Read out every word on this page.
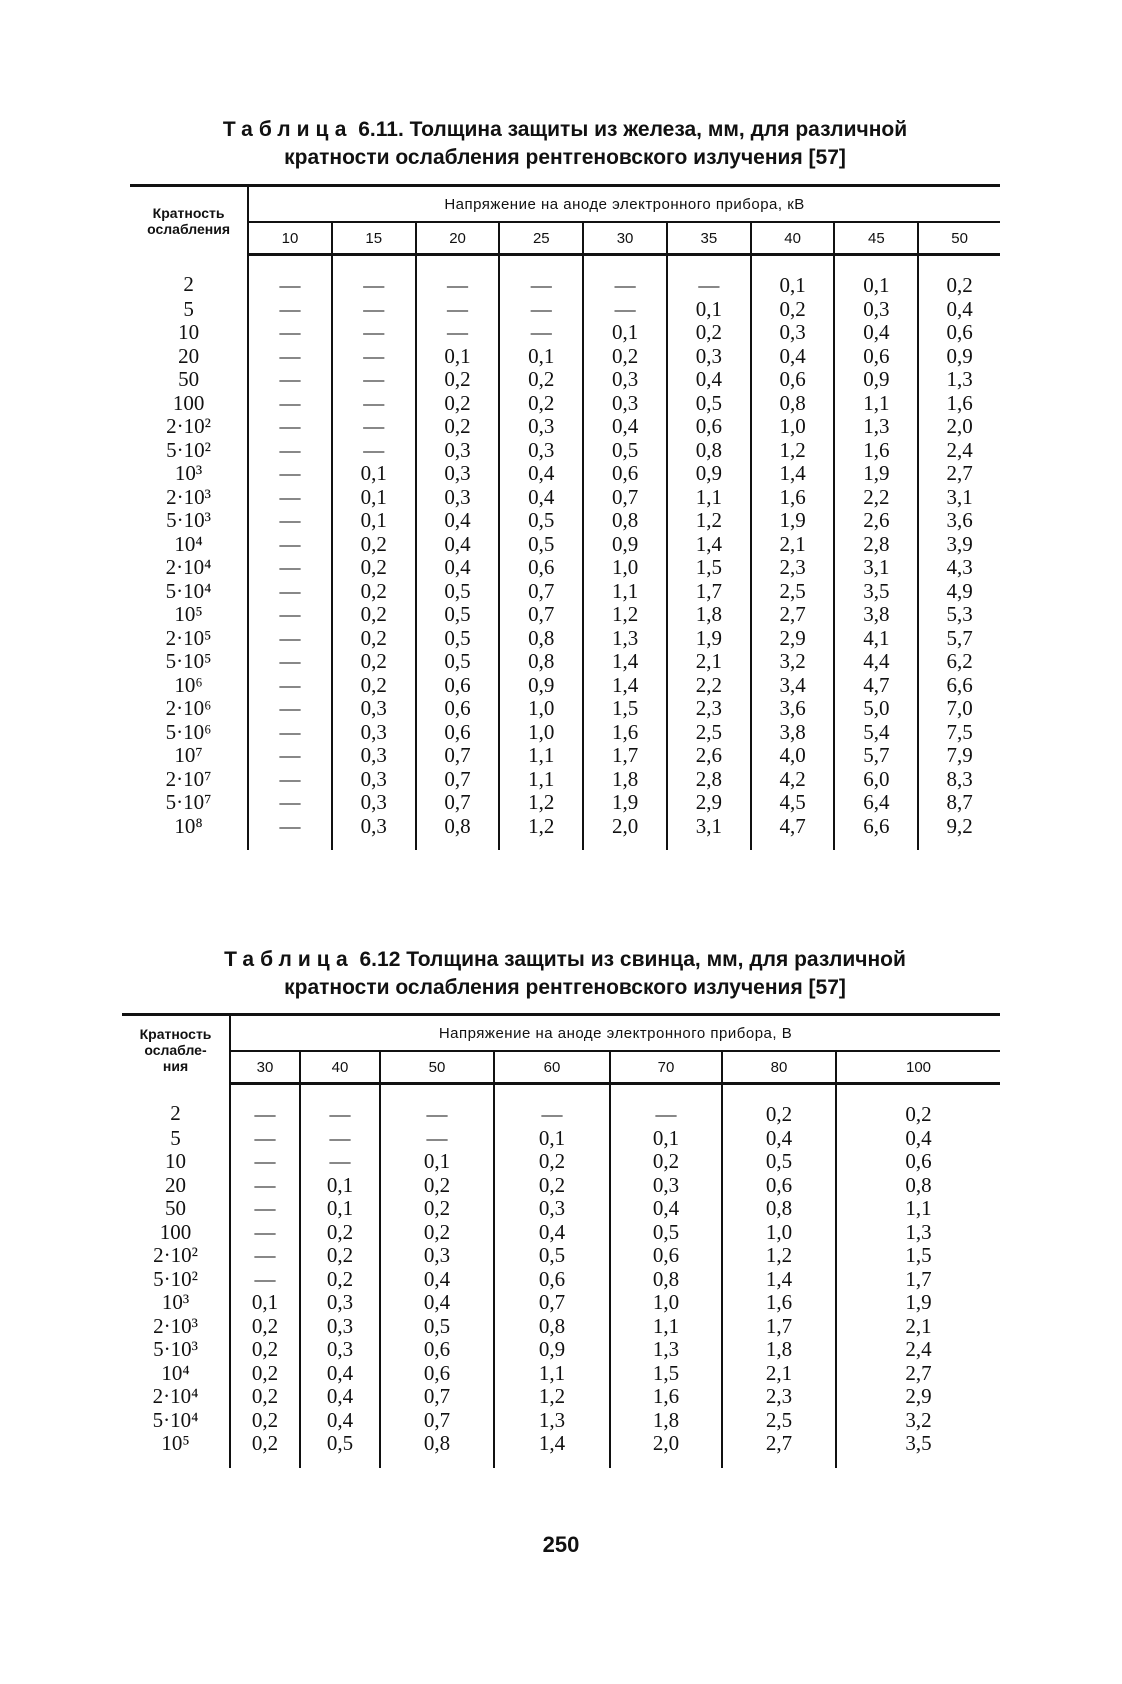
Таблица 6.11. Толщина защиты из железа, мм, для различной
кратности ослабления рентгеновского излучения [57]
Кратность
ослабления	Напряжение на аноде электронного прибора, кВ								
	10	15	20	25	30	35	40	45	50
2	—	—	—	—	—	—	0,1	0,1	0,2
5	—	—	—	—	—	0,1	0,2	0,3	0,4
10	—	—	—	—	0,1	0,2	0,3	0,4	0,6
20	—	—	0,1	0,1	0,2	0,3	0,4	0,6	0,9
50	—	—	0,2	0,2	0,3	0,4	0,6	0,9	1,3
100	—	—	0,2	0,2	0,3	0,5	0,8	1,1	1,6
2·10²	—	—	0,2	0,3	0,4	0,6	1,0	1,3	2,0
5·10²	—	—	0,3	0,3	0,5	0,8	1,2	1,6	2,4
10³	—	0,1	0,3	0,4	0,6	0,9	1,4	1,9	2,7
2·10³	—	0,1	0,3	0,4	0,7	1,1	1,6	2,2	3,1
5·10³	—	0,1	0,4	0,5	0,8	1,2	1,9	2,6	3,6
10⁴	—	0,2	0,4	0,5	0,9	1,4	2,1	2,8	3,9
2·10⁴	—	0,2	0,4	0,6	1,0	1,5	2,3	3,1	4,3
5·10⁴	—	0,2	0,5	0,7	1,1	1,7	2,5	3,5	4,9
10⁵	—	0,2	0,5	0,7	1,2	1,8	2,7	3,8	5,3
2·10⁵	—	0,2	0,5	0,8	1,3	1,9	2,9	4,1	5,7
5·10⁵	—	0,2	0,5	0,8	1,4	2,1	3,2	4,4	6,2
10⁶	—	0,2	0,6	0,9	1,4	2,2	3,4	4,7	6,6
2·10⁶	—	0,3	0,6	1,0	1,5	2,3	3,6	5,0	7,0
5·10⁶	—	0,3	0,6	1,0	1,6	2,5	3,8	5,4	7,5
10⁷	—	0,3	0,7	1,1	1,7	2,6	4,0	5,7	7,9
2·10⁷	—	0,3	0,7	1,1	1,8	2,8	4,2	6,0	8,3
5·10⁷	—	0,3	0,7	1,2	1,9	2,9	4,5	6,4	8,7
10⁸	—	0,3	0,8	1,2	2,0	3,1	4,7	6,6	9,2
Таблица 6.12 Толщина защиты из свинца, мм, для различной
кратности ослабления рентгеновского излучения [57]
Кратность
ослабле-
ния	Напряжение на аноде электронного прибора, В						
	30	40	50	60	70	80	100
2	—	—	—	—	—	0,2	0,2
5	—	—	—	0,1	0,1	0,4	0,4
10	—	—	0,1	0,2	0,2	0,5	0,6
20	—	0,1	0,2	0,2	0,3	0,6	0,8
50	—	0,1	0,2	0,3	0,4	0,8	1,1
100	—	0,2	0,2	0,4	0,5	1,0	1,3
2·10²	—	0,2	0,3	0,5	0,6	1,2	1,5
5·10²	—	0,2	0,4	0,6	0,8	1,4	1,7
10³	0,1	0,3	0,4	0,7	1,0	1,6	1,9
2·10³	0,2	0,3	0,5	0,8	1,1	1,7	2,1
5·10³	0,2	0,3	0,6	0,9	1,3	1,8	2,4
10⁴	0,2	0,4	0,6	1,1	1,5	2,1	2,7
2·10⁴	0,2	0,4	0,7	1,2	1,6	2,3	2,9
5·10⁴	0,2	0,4	0,7	1,3	1,8	2,5	3,2
10⁵	0,2	0,5	0,8	1,4	2,0	2,7	3,5
250
